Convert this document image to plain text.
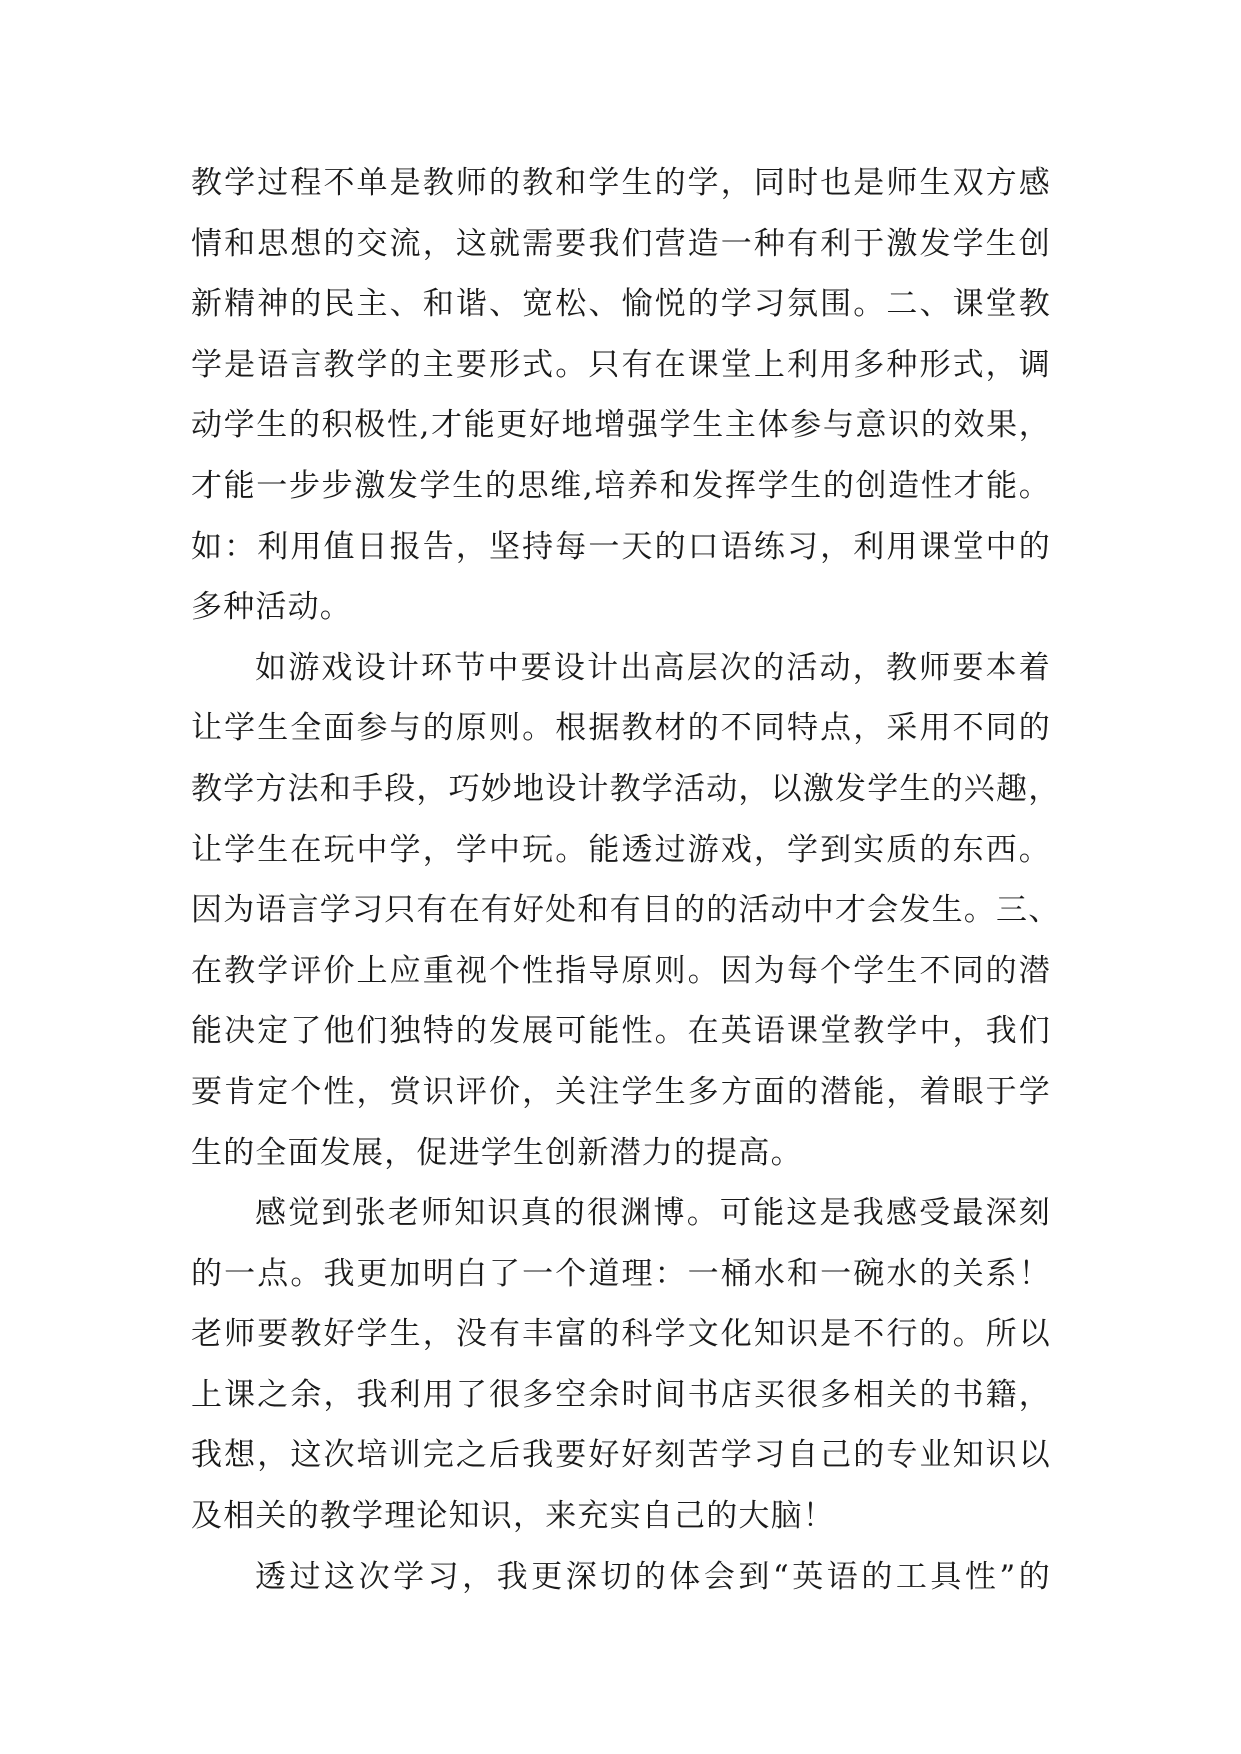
教学过程不单是教师的教和学生的学，同时也是师生双方感
情和思想的交流，这就需要我们营造一种有利于激发学生创
新精神的民主、和谐、宽松、愉悦的学习氛围。二、课堂教
学是语言教学的主要形式。只有在课堂上利用多种形式，调
动学生的积极性,才能更好地增强学生主体参与意识的效果，
才能一步步激发学生的思维,培养和发挥学生的创造性才能。
如：利用值日报告，坚持每一天的口语练习，利用课堂中的
多种活动。
如游戏设计环节中要设计出高层次的活动，教师要本着
让学生全面参与的原则。根据教材的不同特点，采用不同的
教学方法和手段，巧妙地设计教学活动，以激发学生的兴趣，
让学生在玩中学，学中玩。能透过游戏，学到实质的东西。
因为语言学习只有在有好处和有目的的活动中才会发生。三、
在教学评价上应重视个性指导原则。因为每个学生不同的潜
能决定了他们独特的发展可能性。在英语课堂教学中，我们
要肯定个性，赏识评价，关注学生多方面的潜能，着眼于学
生的全面发展，促进学生创新潜力的提高。
感觉到张老师知识真的很渊博。可能这是我感受最深刻
的一点。我更加明白了一个道理：一桶水和一碗水的关系！
老师要教好学生，没有丰富的科学文化知识是不行的。所以
上课之余，我利用了很多空余时间书店买很多相关的书籍，
我想，这次培训完之后我要好好刻苦学习自己的专业知识以
及相关的教学理论知识，来充实自己的大脑！
透过这次学习，我更深切的体会到“英语的工具性”的
